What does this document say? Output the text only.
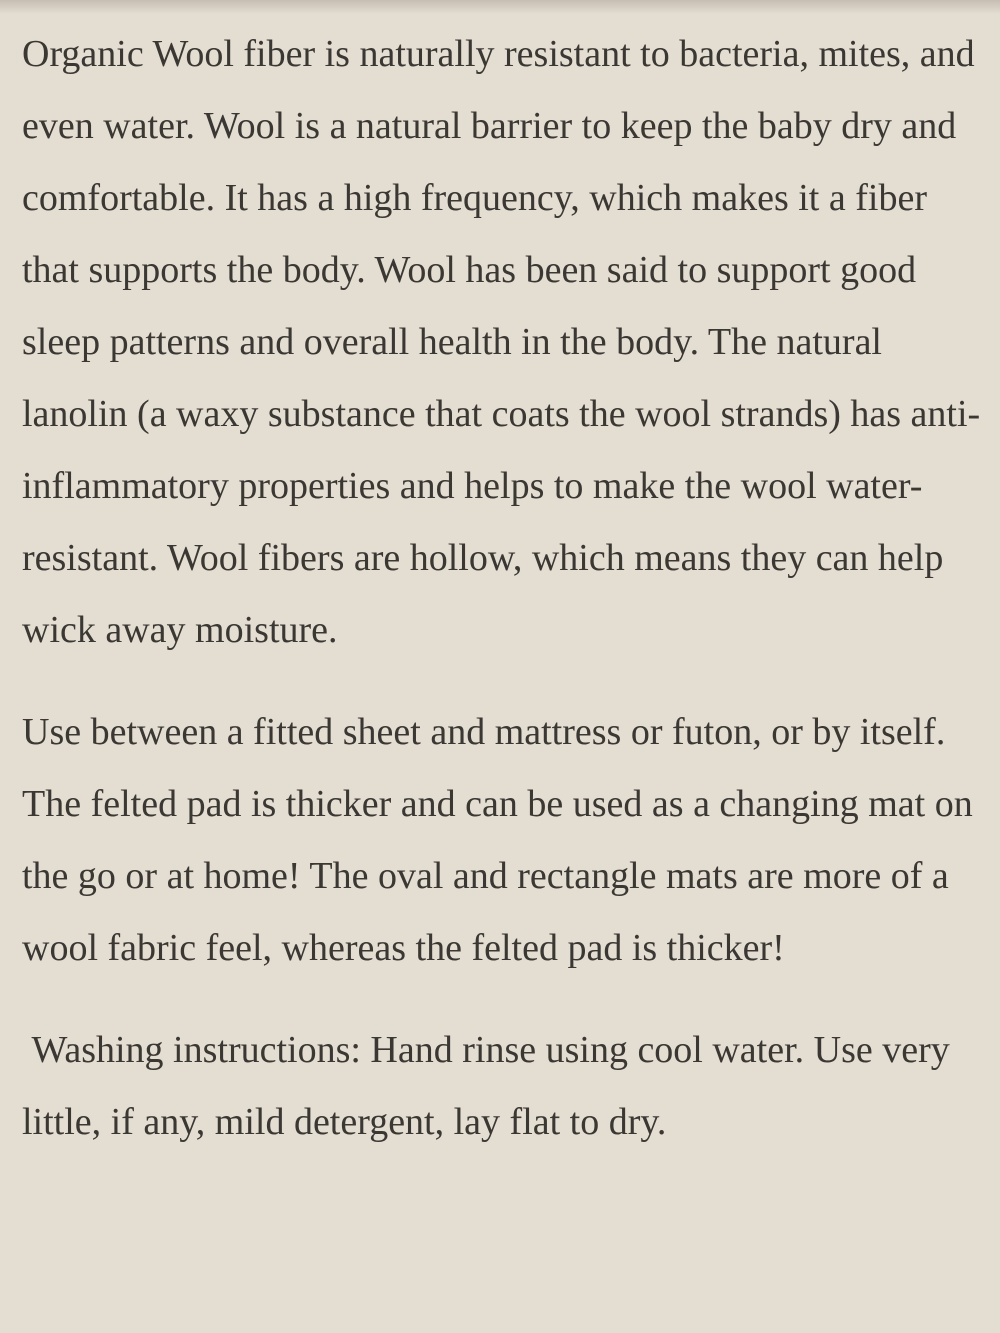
Organic Wool fiber is naturally resistant to bacteria, mites, and even water. Wool is a natural barrier to keep the baby dry and comfortable. It has a high frequency, which makes it a fiber that supports the body. Wool has been said to support good sleep patterns and overall health in the body. The natural lanolin (a waxy substance that coats the wool strands) has anti-inflammatory properties and helps to make the wool water-resistant. Wool fibers are hollow, which means they can help wick away moisture.

Use between a fitted sheet and mattress or futon, or by itself. The felted pad is thicker and can be used as a changing mat on the go or at home! The oval and rectangle mats are more of a wool fabric feel, whereas the felted pad is thicker!

Washing instructions: Hand rinse using cool water. Use very little, if any, mild detergent, lay flat to dry.
